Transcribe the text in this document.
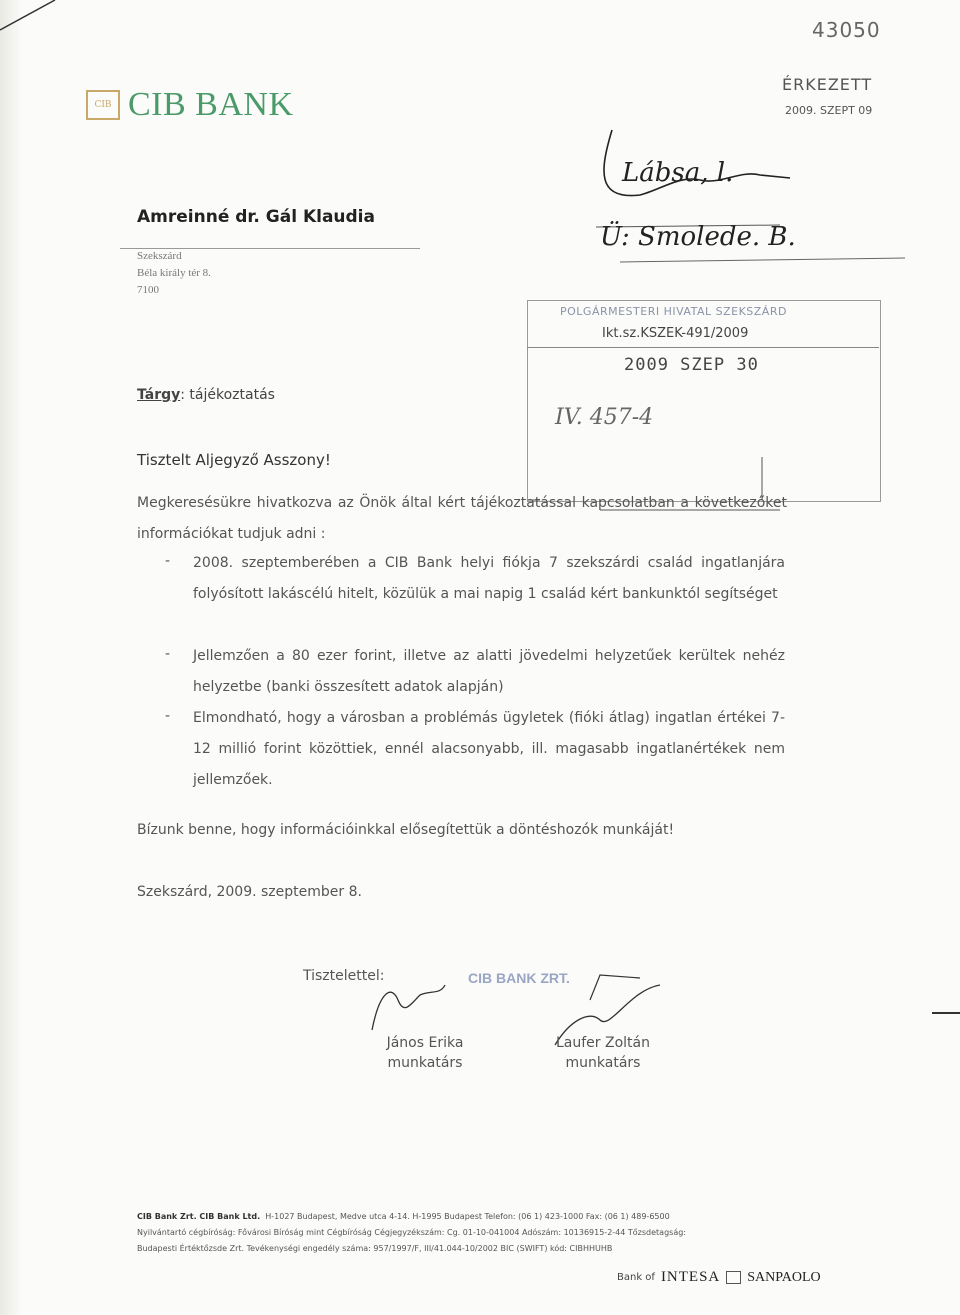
CIB CIB BANK
43050
ÉRKEZETT
2009. SZEPT 09
Lábsa, l.
Ü: Smolede. B.
Amreinné dr. Gál Klaudia
Szekszárd
Béla király tér 8.
7100
POLGÁRMESTERI HIVATAL SZEKSZÁRD
Ikt.sz.KSZEK-491/2009
2009 SZEP 30
IV. 457-4
Tárgy: tájékoztatás
Tisztelt Aljegyző Asszony!
Megkeresésükre hivatkozva az Önök által kért tájékoztatással kapcsolatban a következőket információkat tudjuk adni :
- 2008. szeptemberében a CIB Bank helyi fiókja 7 szekszárdi család ingatlanjára folyósított lakáscélú hitelt, közülük a mai napig 1 család kért bankunktól segítséget
- Jellemzően a 80 ezer forint, illetve az alatti jövedelmi helyzetűek kerültek nehéz helyzetbe (banki összesített adatok alapján)
- Elmondható, hogy a városban a problémás ügyletek (fióki átlag) ingatlan értékei 7-12 millió forint közöttiek, ennél alacsonyabb, ill. magasabb ingatlanértékek nem jellemzőek.
Bízunk benne, hogy információinkkal elősegítettük a döntéshozók munkáját!
Szekszárd, 2009. szeptember 8.
Tisztelettel:	CIB BANK ZRT.
János Erika
munkatárs
Laufer Zoltán
munkatárs
CIB Bank Zrt. CIB Bank Ltd. H-1027 Budapest, Medve utca 4-14. H-1995 Budapest Telefon: (06 1) 423-1000 Fax: (06 1) 489-6500
Nyilvántartó cégbíróság: Fővárosi Bíróság mint Cégbíróság Cégjegyzékszám: Cg. 01-10-041004 Adószám: 10136915-2-44 Tőzsdetagság:
Budapesti Értéktőzsde Zrt. Tevékenységi engedély száma: 957/1997/F, III/41.044-10/2002 BIC (SWIFT) kód: CIBHHUHB
Bank of INTESA SANPAOLO
